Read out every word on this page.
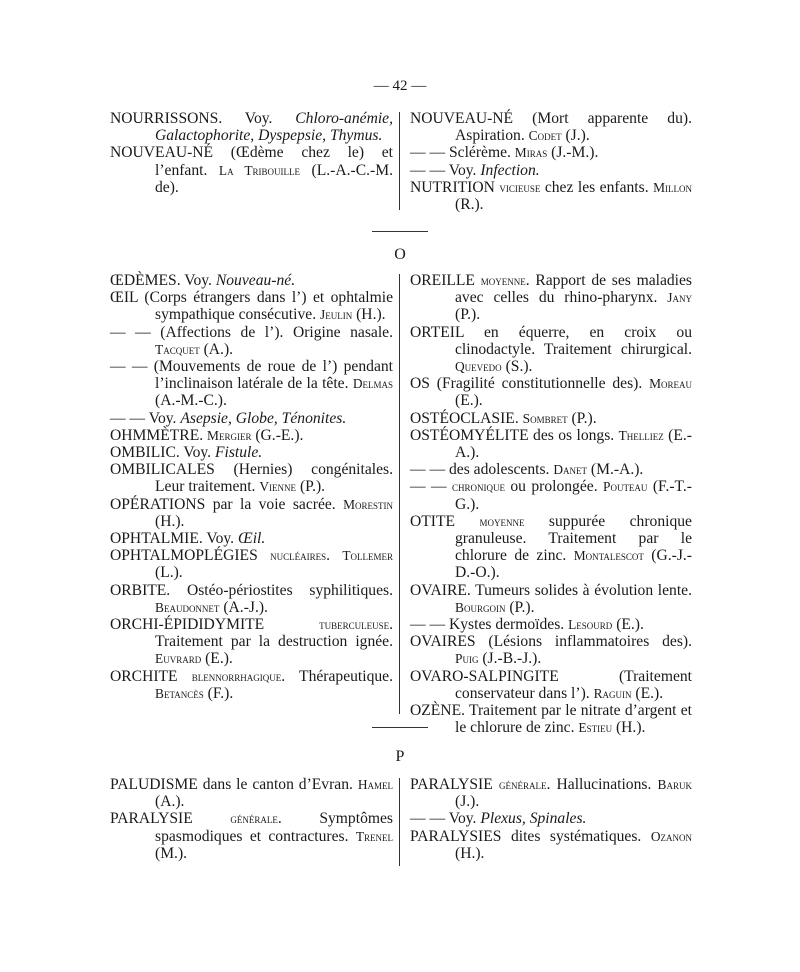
— 42 —

NOURRISSONS. Voy. Chloro-anémie, Galactophorite, Dyspepsie, Thymus.

NOUVEAU-NÉ (Œdème chez le) et l’enfant. La Tribouille (L.-A.-C.-M. de).

NOUVEAU-NÉ (Mort apparente du). Aspiration. Codet (J.).

— — Sclérème. Miras (J.-M.).

— — Voy. Infection.

NUTRITION vicieuse chez les enfants. Millon (R.).

O

ŒDÈMES. Voy. Nouveau-né.

ŒIL (Corps étrangers dans l’) et ophtalmie sympathique consécutive. Jeulin (H.).

— — (Affections de l’). Origine nasale. Tacquet (A.).

— — (Mouvements de roue de l’) pendant l’inclinaison latérale de la tête. Delmas (A.-M.-C.).

— — Voy. Asepsie, Globe, Ténonites.

OHMMÈTRE. Mergier (G.-E.).

OMBILIC. Voy. Fistule.

OMBILICALES (Hernies) congénitales. Leur traitement. Vienne (P.).

OPÉRATIONS par la voie sacrée. Morestin (H.).

OPHTALMIE. Voy. Œil.

OPHTALMOPLÉGIES nucléaires. Tollemer (L.).

ORBITE. Ostéo-périostites syphilitiques. Beaudonnet (A.-J.).

ORCHI-ÉPIDIDYMITE tuberculeuse. Traitement par la destruction ignée. Euvrard (E.).

ORCHITE blennorrhagique. Thérapeutique. Betancès (F.).

OREILLE moyenne. Rapport de ses maladies avec celles du rhino-pharynx. Jany (P.).

ORTEIL en équerre, en croix ou clinodactyle. Traitement chirurgical. Quevedo (S.).

OS (Fragilité constitutionnelle des). Moreau (E.).

OSTÉOCLASIE. Sombret (P.).

OSTÉOMYÉLITE des os longs. Thelliez (E.-A.).

— — des adolescents. Danet (M.-A.).

— — chronique ou prolongée. Pouteau (F.-T.-G.).

OTITE moyenne suppurée chronique granuleuse. Traitement par le chlorure de zinc. Montalescot (G.-J.-D.-O.).

OVAIRE. Tumeurs solides à évolution lente. Bourgoin (P.).

— — Kystes dermoïdes. Lesourd (E.).

OVAIRES (Lésions inflammatoires des). Puig (J.-B.-J.).

OVARO-SALPINGITE (Traitement conservateur dans l’). Raguin (E.).

OZÈNE. Traitement par le nitrate d’argent et le chlorure de zinc. Estieu (H.).

P

PALUDISME dans le canton d’Evran. Hamel (A.).

PARALYSIE générale. Symptômes spasmodiques et contractures. Trenel (M.).

PARALYSIE générale. Hallucinations. Baruk (J.).

— — Voy. Plexus, Spinales.

PARALYSIES dites systématiques. Ozanon (H.).
